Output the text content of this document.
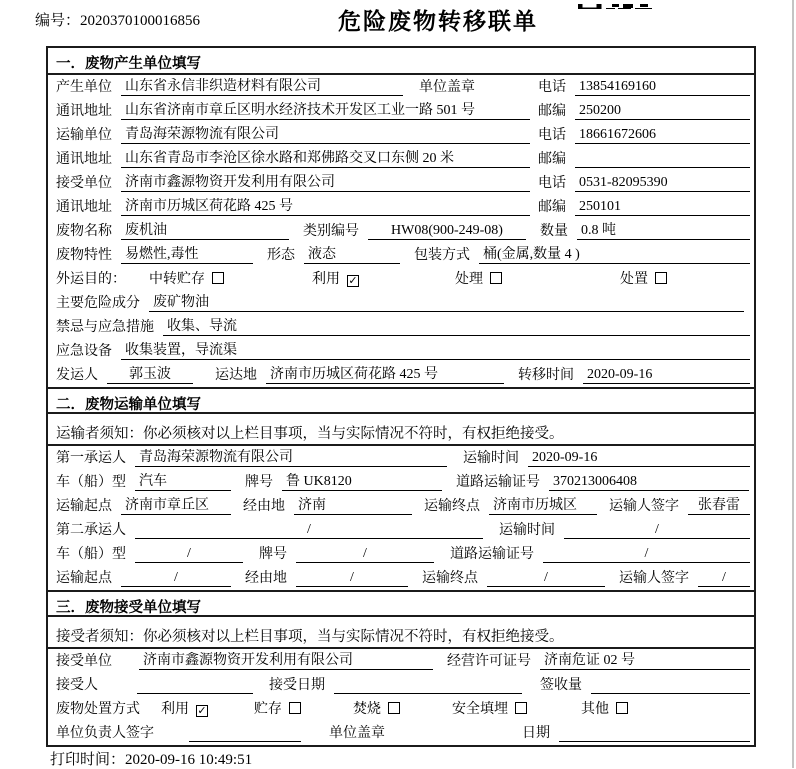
编号：2020370100016856	危险废物转移联单
一．废物产生单位填写
产生单位 山东省永信非织造材料有限公司	单位盖章	电话 13854169160
通讯地址 山东省济南市章丘区明水经济技术开发区工业一路 501 号	邮编 250200
运输单位 青岛海荣源物流有限公司	电话 18661672606
通讯地址 山东省青岛市李沧区徐水路和郑佛路交叉口东侧 20 米	邮编
接受单位 济南市鑫源物资开发利用有限公司	电话 0531-82095390
通讯地址 济南市历城区荷花路 425 号	邮编 250101
废物名称 废机油	类别编号	HW08(900-249-08)	数量 0.8 吨
废物特性 易燃性,毒性	形态 液态	包装方式 桶(金属,数量 4 )
外运目的： 中转贮存	利用 ✓	处理	处置
主要危险成分 废矿物油
禁忌与应急措施 收集、导流
应急设备 收集装置，导流渠
发运人	郭玉波	运达地 济南市历城区荷花路 425 号	转移时间 2020-09-16
二．废物运输单位填写
运输者须知：你必须核对以上栏目事项，当与实际情况不符时，有权拒绝接受。
第一承运人 青岛海荣源物流有限公司	运输时间 2020-09-16
车（船）型 汽车	牌号 鲁 UK8120	道路运输证号 370213006408
运输起点 济南市章丘区	经由地 济南	运输终点 济南市历城区	运输人签字	张春雷
第二承运人	/	运输时间	/
车（船）型	/	牌号	/	道路运输证号	/
运输起点	/	经由地	/	运输终点	/	运输人签字	/
三．废物接受单位填写
接受者须知：你必须核对以上栏目事项，当与实际情况不符时，有权拒绝接受。
接受单位 济南市鑫源物资开发利用有限公司	经营许可证号 济南危证 02 号
接受人	接受日期	签收量
废物处置方式 利用 ✓	贮存	焚烧	安全填埋	其他
单位负责人签字	单位盖章	日期
打印时间：2020-09-16 10:49:51
